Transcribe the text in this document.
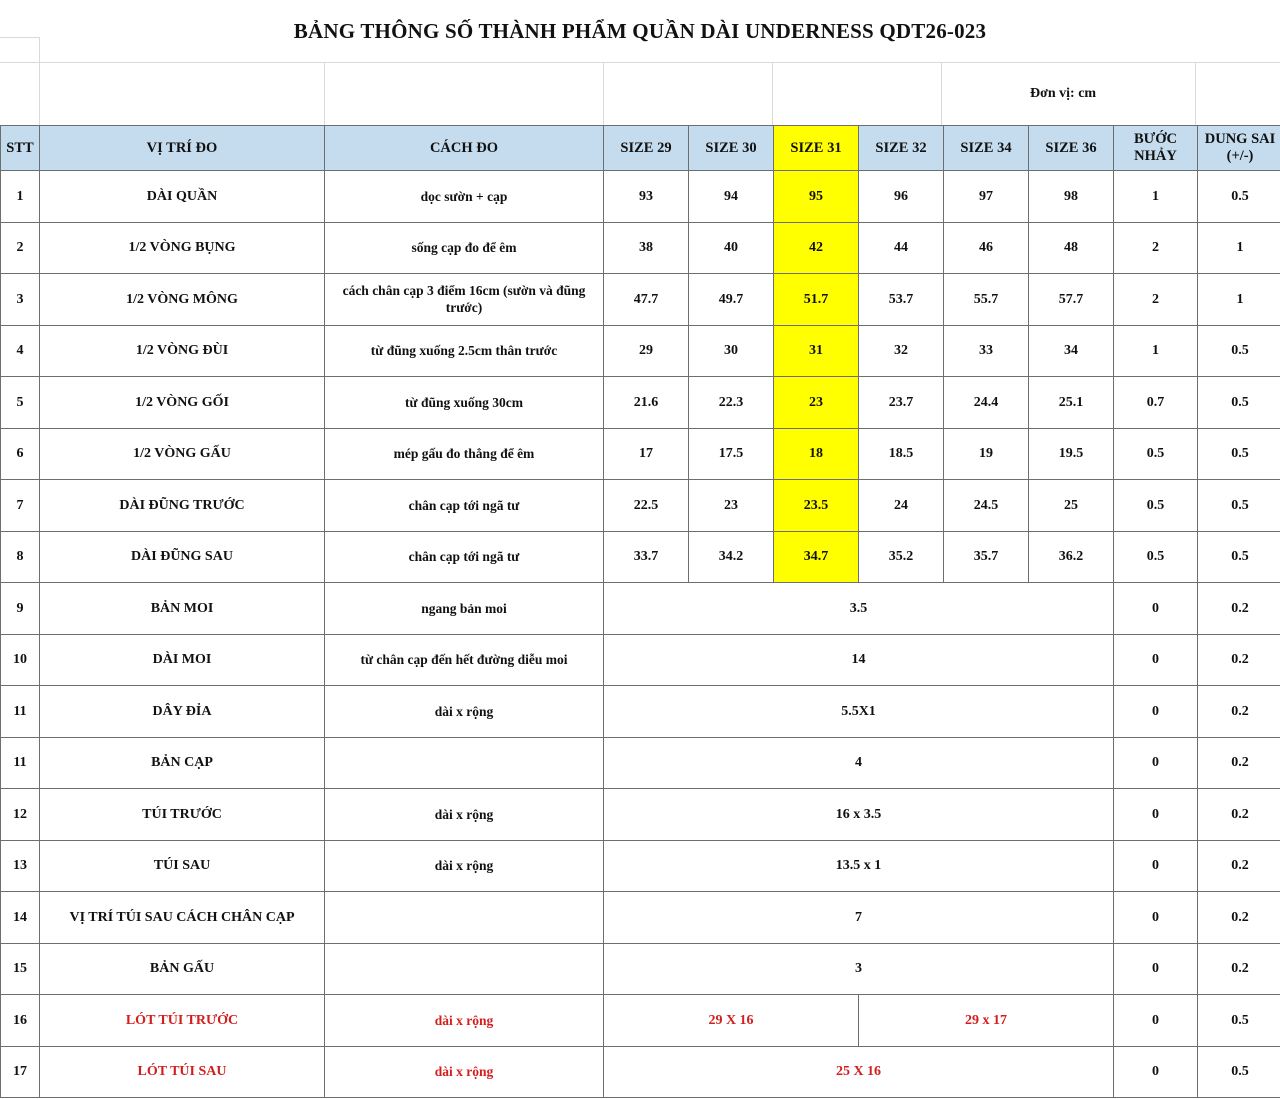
BẢNG THÔNG SỐ THÀNH PHẨM QUẦN DÀI UNDERNESS QDT26-023
Đơn vị: cm
STT	VỊ TRÍ ĐO	CÁCH ĐO	SIZE 29	SIZE 30	SIZE 31	SIZE 32	SIZE 34	SIZE 36	BƯỚC NHẢY	DUNG SAI (+/-)
1	DÀI QUẦN	dọc sườn + cạp	93	94	95	96	97	98	1	0.5
2	1/2 VÒNG BỤNG	sống cạp đo để êm	38	40	42	44	46	48	2	1
3	1/2 VÒNG MÔNG	cách chân cạp 3 điểm 16cm (sườn và đũng trước)	47.7	49.7	51.7	53.7	55.7	57.7	2	1
4	1/2 VÒNG ĐÙI	từ đũng xuống 2.5cm thân trước	29	30	31	32	33	34	1	0.5
5	1/2 VÒNG GỐI	từ đũng xuống 30cm	21.6	22.3	23	23.7	24.4	25.1	0.7	0.5
6	1/2 VÒNG GẤU	mép gấu đo thẳng để êm	17	17.5	18	18.5	19	19.5	0.5	0.5
7	DÀI ĐŨNG TRƯỚC	chân cạp tới ngã tư	22.5	23	23.5	24	24.5	25	0.5	0.5
8	DÀI ĐŨNG SAU	chân cạp tới ngã tư	33.7	34.2	34.7	35.2	35.7	36.2	0.5	0.5
9	BẢN MOI	ngang bản moi	3.5						0	0.2
10	DÀI MOI	từ chân cạp đến hết đường diễu moi	14						0	0.2
11	DÂY ĐỈA	dài x rộng	5.5X1						0	0.2
11	BẢN CẠP		4						0	0.2
12	TÚI TRƯỚC	dài x rộng	16 x 3.5						0	0.2
13	TÚI SAU	dài x rộng	13.5 x 1						0	0.2
14	VỊ TRÍ TÚI SAU CÁCH CHÂN CẠP		7						0	0.2
15	BẢN GẤU		3						0	0.2
16	LÓT TÚI TRƯỚC	dài x rộng	29 X 16			29 x 17			0	0.5
17	LÓT TÚI SAU	dài x rộng	25 X 16						0	0.5
